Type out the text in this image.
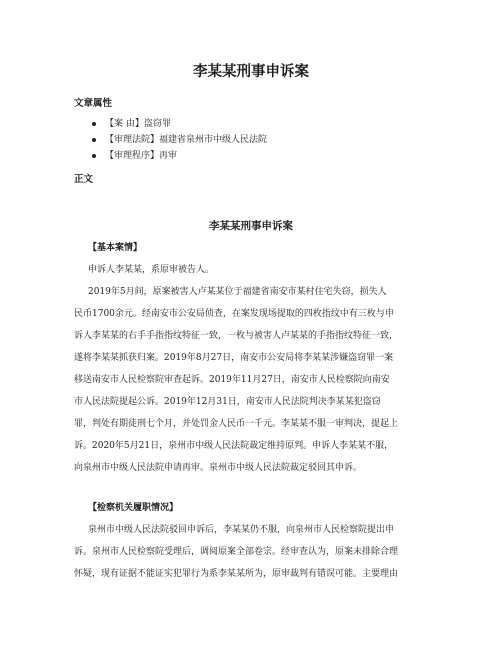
李某某刑事申诉案
文章属性
【案 由】盗窃罪
【审理法院】福建省泉州市中级人民法院
【审理程序】再审
正文
李某某刑事申诉案
【基本案情】

申诉人李某某，系原审被告人。

2019年5月间，原案被害人卢某某位于福建省南安市某村住宅失窃，损失人

民币1700余元。经南安市公安局侦查，在案发现场提取的四枚指纹中有三枚与申

诉人李某某的右手手指指纹特征一致，一枚与被害人卢某某的手指指纹特征一致，

遂将李某某抓获归案。2019年8月27日，南安市公安局将李某某涉嫌盗窃罪一案

移送南安市人民检察院审查起诉。2019年11月27日，南安市人民检察院向南安

市人民法院提起公诉。2019年12月31日，南安市人民法院判决李某某犯盗窃

罪，判处有期徒刑七个月，并处罚金人民币一千元。李某某不服一审判决，提起上

诉。2020年5月21日，泉州市中级人民法院裁定维持原判。申诉人李某某不服，

向泉州市中级人民法院申请再审。泉州市中级人民法院裁定驳回其申诉。

【检察机关履职情况】

泉州市中级人民法院驳回申诉后，李某某仍不服，向泉州市人民检察院提出申

诉。泉州市人民检察院受理后，调阅原案全部卷宗。经审查认为，原案未排除合理

怀疑，现有证据不能证实犯罪行为系李某某所为，原审裁判有错误可能。主要理由
